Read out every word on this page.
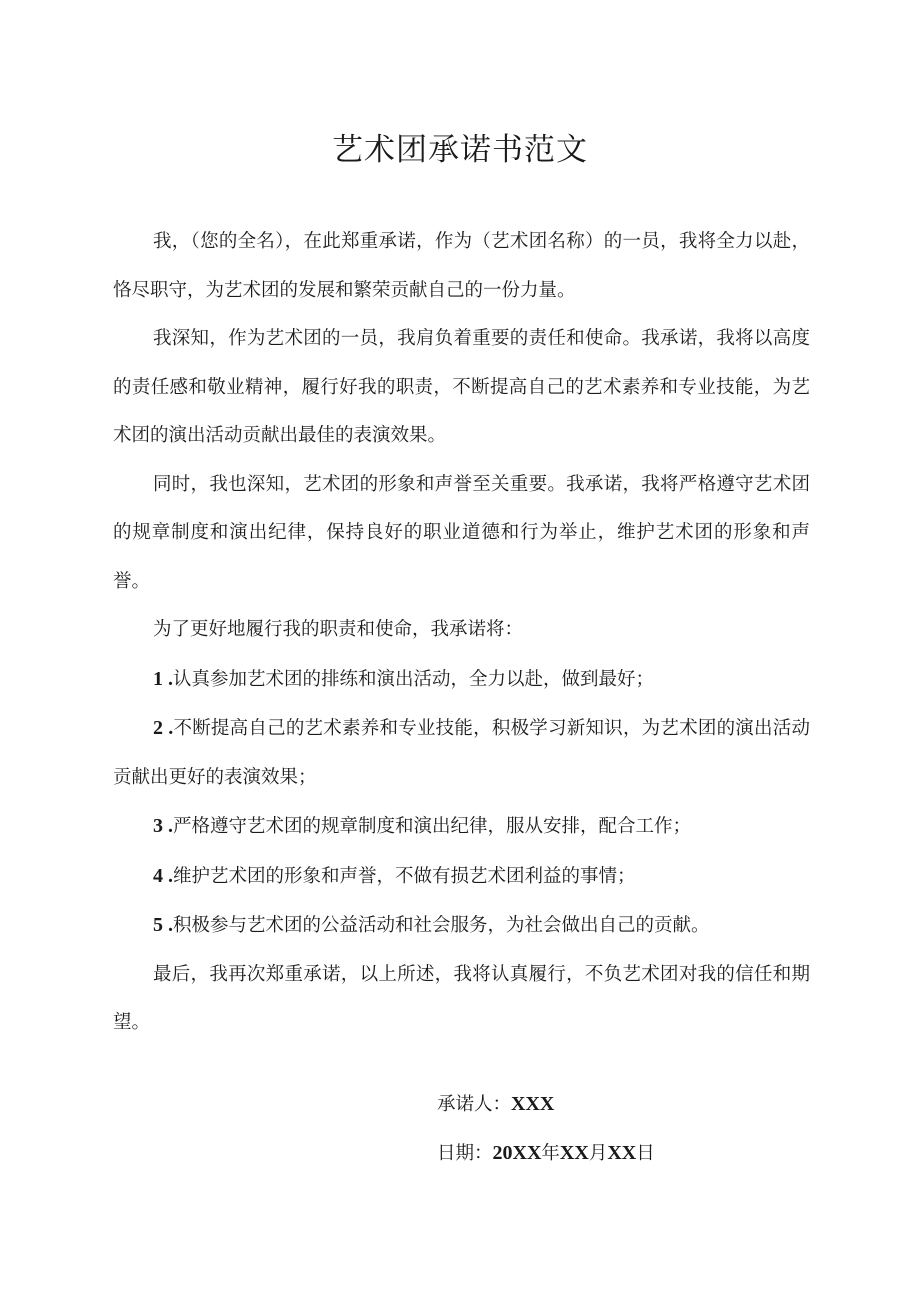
艺术团承诺书范文

我，（您的全名），在此郑重承诺，作为（艺术团名称）的一员，我将全力以赴，恪尽职守，为艺术团的发展和繁荣贡献自己的一份力量。

我深知，作为艺术团的一员，我肩负着重要的责任和使命。我承诺，我将以高度的责任感和敬业精神，履行好我的职责，不断提高自己的艺术素养和专业技能，为艺术团的演出活动贡献出最佳的表演效果。

同时，我也深知，艺术团的形象和声誉至关重要。我承诺，我将严格遵守艺术团的规章制度和演出纪律，保持良好的职业道德和行为举止，维护艺术团的形象和声誉。

为了更好地履行我的职责和使命，我承诺将：

1 .认真参加艺术团的排练和演出活动，全力以赴，做到最好；

2 .不断提高自己的艺术素养和专业技能，积极学习新知识，为艺术团的演出活动贡献出更好的表演效果；

3 .严格遵守艺术团的规章制度和演出纪律，服从安排，配合工作；

4 .维护艺术团的形象和声誉，不做有损艺术团利益的事情；

5 .积极参与艺术团的公益活动和社会服务，为社会做出自己的贡献。

最后，我再次郑重承诺，以上所述，我将认真履行，不负艺术团对我的信任和期望。

承诺人：XXX
日期：20XX年XX月XX日
